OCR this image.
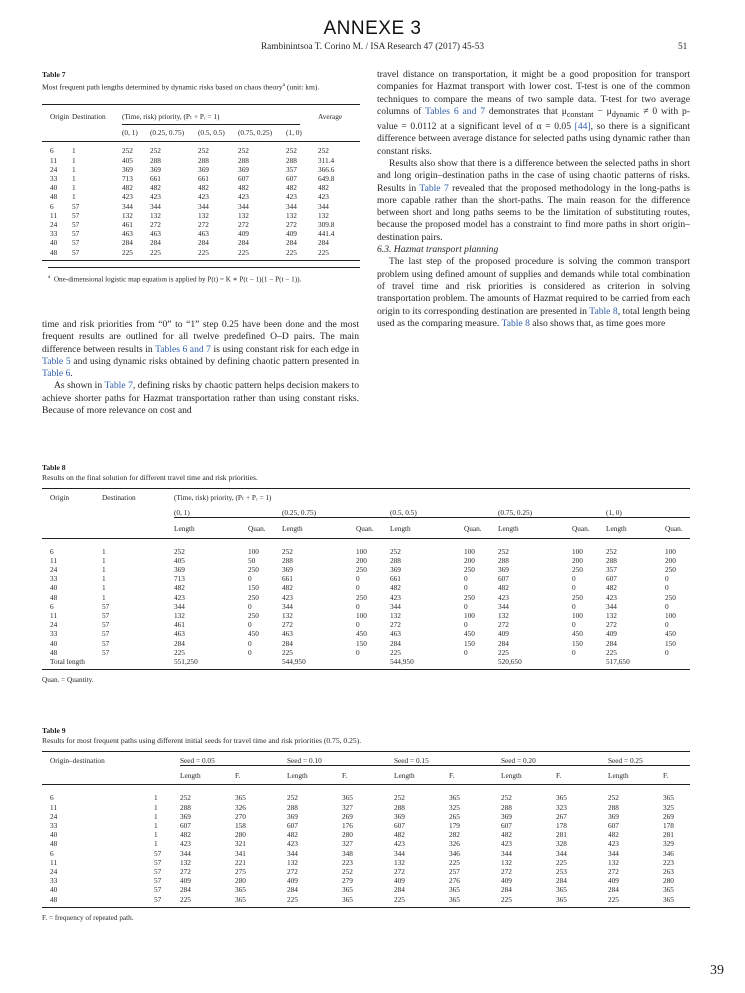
ANNEXE 3
Rambinintsoa T. Corino M. / ISA Research 47 (2017) 45-53	51
Table 7
Most frequent path lengths determined by dynamic risks based on chaos theory$^a$ (unit: km).
Origin	Destination	(Time, risk) priority, (Pₜ + Pᵣ = 1)					Average

		(0, 1)	(0.25, 0.75)	(0.5, 0.5)	(0.75, 0.25)	(1, 0)	
6	1	252	252	252	252	252	252
11	1	405	288	288	288	288	311.4
24	1	369	369	369	369	357	366.6
33	1	713	661	661	607	607	649.8
40	1	482	482	482	482	482	482
48	1	423	423	423	423	423	423
6	57	344	344	344	344	344	344
11	57	132	132	132	132	132	132
24	57	461	272	272	272	272	309.8
33	57	463	463	463	409	409	441.4
40	57	284	284	284	284	284	284
48	57	225	225	225	225	225	225
$^a$ One-dimensional logistic map equation is applied by P(t) = K ∗ P(t − 1)(1 − P(t − 1)).

time and risk priorities from “0” to “1” step 0.25 have been done and the most frequent results are outlined for all twelve predefined O–D pairs. The main difference between results in Tables 6 and 7 is using constant risk for each edge in Table 5 and using dynamic risks obtained by defining chaotic pattern presented in Table 6.

As shown in Table 7, defining risks by chaotic pattern helps decision makers to achieve shorter paths for Hazmat transportation rather than using constant risks. Because of more relevance on cost and

travel distance on transportation, it might be a good proposition for transport companies for Hazmat transport with lower cost. T-test is one of the common techniques to compare the means of two sample data. T-test for two average columns of Tables 6 and 7 demonstrates that $\mu_{constant} - \mu_{dynamic} \ne 0$ with p-value = 0.0112 at a significant level of α = 0.05 [44], so there is a significant difference between average distance for selected paths using dynamic rather than constant risks.

Results also show that there is a difference between the selected paths in short and long origin–destination paths in the case of using chaotic patterns of risks. Results in Table 7 revealed that the proposed methodology in the long-paths is more capable rather than the short-paths. The main reason for the difference between short and long paths seems to be the limitation of substituting routes, because the proposed model has a constraint to find more paths in short origin–destination pairs.

6.3. Hazmat transport planning

The last step of the proposed procedure is solving the common transport problem using defined amount of supplies and demands while total combination of travel time and risk priorities is considered as criterion in solving transportation problem. The amounts of Hazmat required to be carried from each origin to its corresponding destination are presented in Table 8, total length being used as the comparing measure. Table 8 also shows that, as time goes more

Table 8
Results on the final solution for different travel time and risk priorities.
Origin	Destination	(Time, risk) priority, (Pₜ + Pᵣ = 1)									
		(0, 1)		(0.25, 0.75)		(0.5, 0.5)		(0.75, 0.25)		(1, 0)	
		Length	Quan.	Length	Quan.	Length	Quan.	Length	Quan.	Length	Quan.
6	1	252	100	252	100	252	100	252	100	252	100
11	1	405	50	288	200	288	200	288	200	288	200
24	1	369	250	369	250	369	250	369	250	357	250
33	1	713	0	661	0	661	0	607	0	607	0
40	1	482	150	482	0	482	0	482	0	482	0
48	1	423	250	423	250	423	250	423	250	423	250
6	57	344	0	344	0	344	0	344	0	344	0
11	57	132	250	132	100	132	100	132	100	132	100
24	57	461	0	272	0	272	0	272	0	272	0
33	57	463	450	463	450	463	450	409	450	409	450
40	57	284	0	284	150	284	150	284	150	284	150
48	57	225	0	225	0	225	0	225	0	225	0
Total length		551,250		544,950		544,950		520,650		517,650	
Quan. = Quantity.
Table 9
Results for most frequent paths using different initial seeds for travel time and risk priorities (0.75, 0.25).
Origin–destination		Seed = 0.05		Seed = 0.10		Seed = 0.15		Seed = 0.20		Seed = 0.25	
		Length	F.	Length	F.	Length	F.	Length	F.	Length	F.
6	1	252	365	252	365	252	365	252	365	252	365
11	1	288	326	288	327	288	325	288	323	288	325
24	1	369	270	369	269	369	265	369	267	369	269
33	1	607	158	607	176	607	179	607	178	607	178
40	1	482	280	482	280	482	282	482	281	482	281
48	1	423	321	423	327	423	326	423	328	423	329
6	57	344	341	344	348	344	346	344	344	344	346
11	57	132	221	132	223	132	225	132	225	132	223
24	57	272	275	272	252	272	257	272	253	272	263
33	57	409	280	409	279	409	276	409	284	409	280
40	57	284	365	284	365	284	365	284	365	284	365
48	57	225	365	225	365	225	365	225	365	225	365
F. = frequency of repeated path.
39
